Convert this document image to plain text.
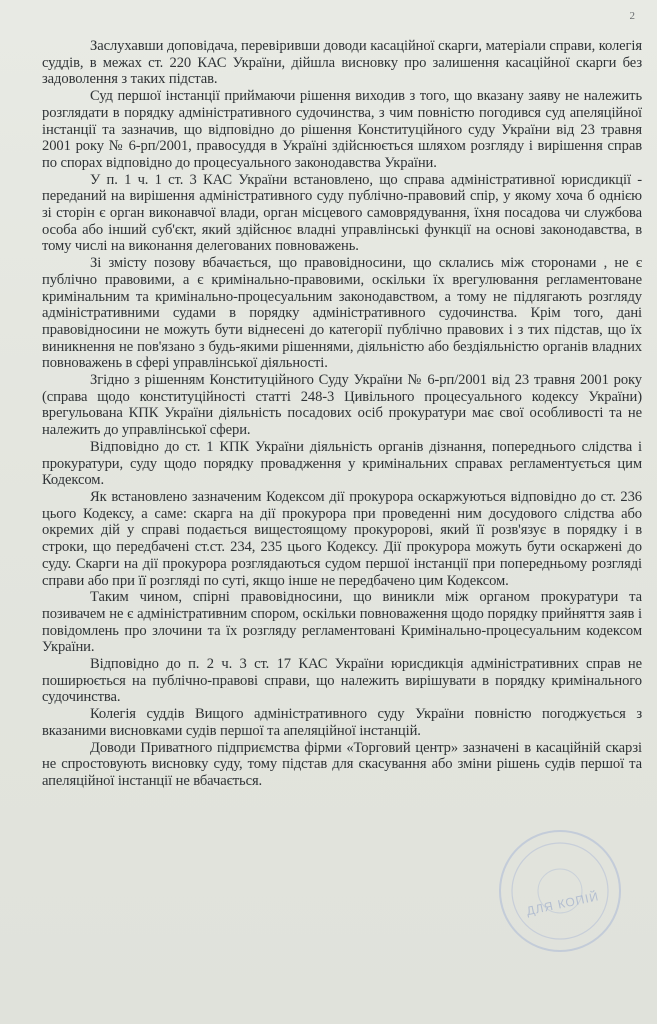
2

Заслухавши доповідача, перевіривши доводи касаційної скарги, матеріали справи, колегія суддів, в межах ст. 220 КАС України, дійшла висновку про залишення касаційної скарги без задоволення з таких підстав.

Суд першої інстанції приймаючи рішення виходив з того, що вказану заяву не належить розглядати в порядку адміністративного судочинства, з чим повністю погодився суд апеляційної інстанції та зазначив, що відповідно до рішення Конституційного суду України від 23 травня 2001 року № 6-рп/2001, правосуддя в Україні здійснюється шляхом розгляду і вирішення справ по спорах відповідно до процесуального законодавства України.

У п. 1 ч. 1 ст. 3 КАС України встановлено, що справа адміністративної юрисдикції - переданий на вирішення адміністративного суду публічно-правовий спір, у якому хоча б однією зі сторін є орган виконавчої влади, орган місцевого самоврядування, їхня посадова чи службова особа або інший суб'єкт, який здійснює владні управлінські функції на основі законодавства, в тому числі на виконання делегованих повноважень.

Зі змісту позову вбачається, що правовідносини, що склались між сторонами , не є публічно правовими, а є кримінально-правовими, оскільки їх врегулювання регламентоване кримінальним та кримінально-процесуальним законодавством, а тому не підлягають розгляду адміністративними судами в порядку адміністративного судочинства. Крім того, дані правовідносини не можуть бути віднесені до категорії публічно правових і з тих підстав, що їх виникнення не пов'язано з будь-якими рішеннями, діяльністю або бездіяльністю органів владних повноважень в сфері управлінської діяльності.

Згідно з рішенням Конституційного Суду України № 6-рп/2001 від 23 травня 2001 року (справа щодо конституційності статті 248-3 Цивільного процесуального кодексу України) врегульована КПК України діяльність посадових осіб прокуратури має свої особливості та не належить до управлінської сфери.

Відповідно до ст. 1 КПК України діяльність органів дізнання, попереднього слідства і прокуратури, суду щодо порядку провадження у кримінальних справах регламентується цим Кодексом.

Як встановлено зазначеним Кодексом дії прокурора оскаржуються відповідно до ст. 236 цього Кодексу, а саме: скарга на дії прокурора при проведенні ним досудового слідства або окремих дій у справі подається вищестоящому прокуророві, який її розв'язує в порядку і в строки, що передбачені ст.ст. 234, 235 цього Кодексу. Дії прокурора можуть бути оскаржені до суду. Скарги на дії прокурора розглядаються судом першої інстанції при попередньому розгляді справи або при її розгляді по суті, якщо інше не передбачено цим Кодексом.

Таким чином, спірні правовідносини, що виникли між органом прокуратури та позивачем не є адміністративним спором, оскільки повноваження щодо порядку прийняття заяв і повідомлень про злочини та їх розгляду регламентовані Кримінально-процесуальним кодексом України.

Відповідно до п. 2 ч. 3 ст. 17 КАС України юрисдикція адміністративних справ не поширюється на публічно-правові справи, що належить вирішувати в порядку кримінального судочинства.

Колегія суддів Вищого адміністративного суду України повністю погоджується з вказаними висновками судів першої та апеляційної інстанцій.

Доводи Приватного підприємства фірми «Торговий центр» зазначені в касаційній скарзі не спростовують висновку суду, тому підстав для скасування або зміни рішень судів першої та апеляційної інстанції не вбачається.

ДЛЯ КОПІЙ
